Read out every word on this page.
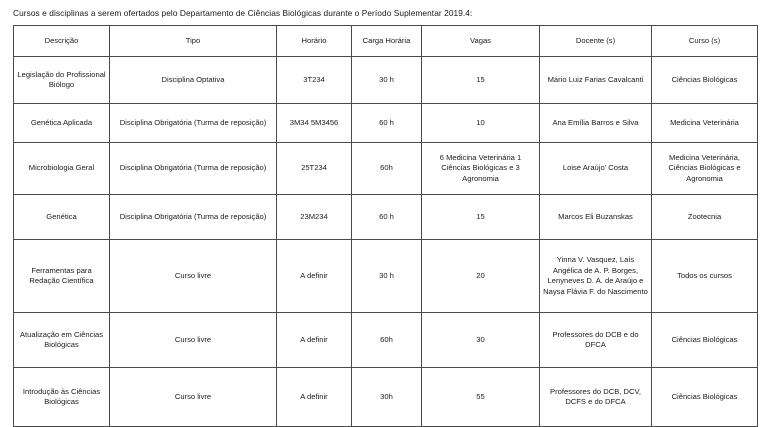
Cursos e disciplinas a serem ofertados pelo Departamento de Ciências Biológicas durante o Período Suplementar 2019.4:

Descrição	Tipo	Horário	Carga Horária	Vagas	Docente (s)	Curso (s)
Legislação do Profissional Biólogo	Disciplina Optativa	3T234	30 h	15	Mário Luiz Farias Cavalcanti	Ciências Biológicas
Genética Aplicada	Disciplina Obrigatória (Turma de reposição)	3M34 5M3456	60 h	10	Ana Emília Barros e Silva	Medicina Veterinária
Microbiologia Geral	Disciplina Obrigatória (Turma de reposição)	25T234	60h	6 Medicina Veterinária 1 Ciências Biológicas e 3 Agronomia	Loise Araújo' Costa	Medicina Veterinária, Ciências Biológicas e Agronomia
Genética	Disciplina Obrigatória (Turma de reposição)	23M234	60 h	15	Marcos Eli Buzanskas	Zootecnia
Ferramentas para Redação Científica	Curso livre	A definir	30 h	20	Yinna V. Vasquez, Laís Angélica de A. P. Borges, Lenyneves D. A. de Araújo e Naysa Flávia F. do Nascimento	Todos os cursos
Atualização em Ciências Biológicas	Curso livre	A definir	60h	30	Professores do DCB e do DFCA	Ciências Biológicas
Introdução às Ciências Biológicas	Curso livre	A definir	30h	55	Professores do DCB, DCV, DCFS e do DFCA	Ciências Biológicas
